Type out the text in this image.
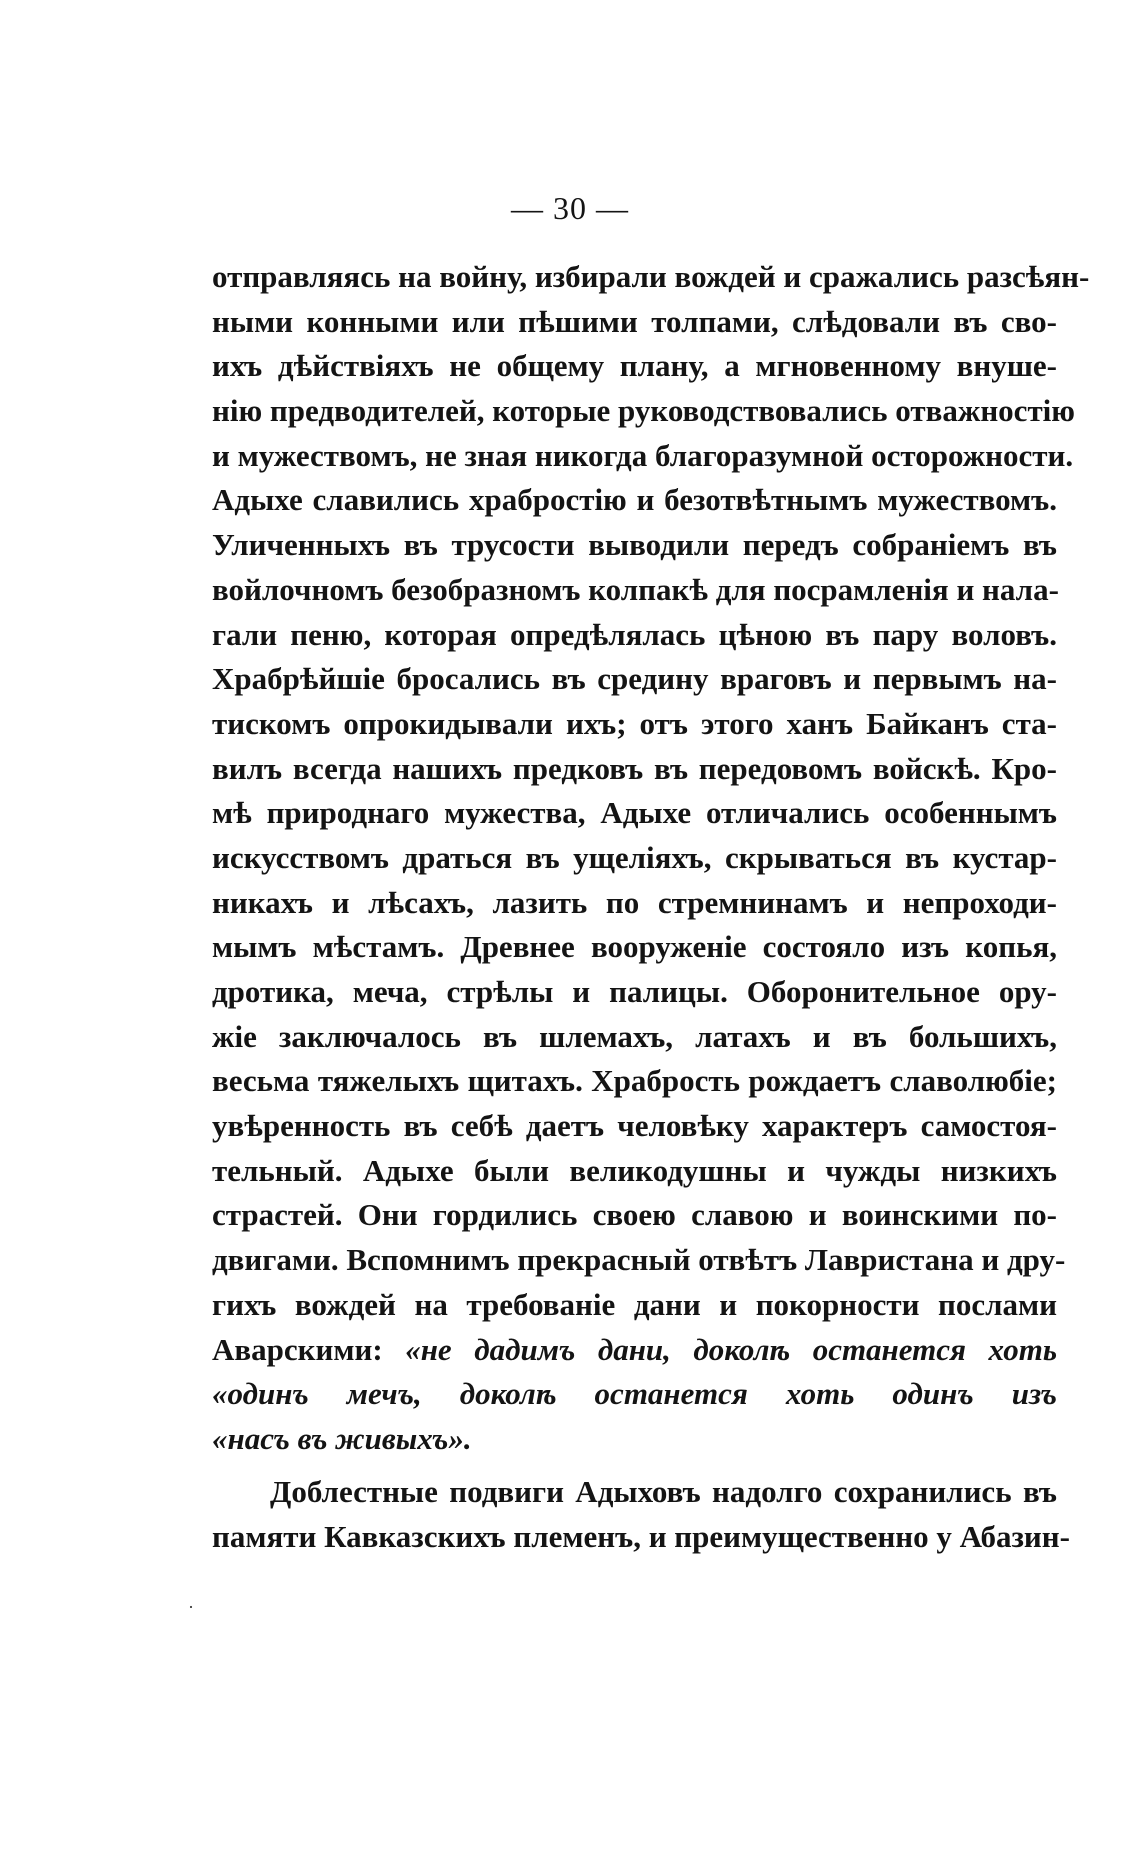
— 30 —
отправляясь на войну, избирали вождей и сражались разсѣян-
ными конными или пѣшими толпами, слѣдовали въ сво-
ихъ дѣйствіяхъ не общему плану, а мгновенному внуше-
нію предводителей, которые руководствовались отважностію
и мужествомъ, не зная никогда благоразумной осторожности.
Адыхе славились храбростію и безотвѣтнымъ мужествомъ.
Уличенныхъ въ трусости выводили передъ собраніемъ въ
войлочномъ безобразномъ колпакѣ для посрамленія и нала-
гали пеню, которая опредѣлялась цѣною въ пару воловъ.
Храбрѣйшіе бросались въ средину враговъ и первымъ на-
тискомъ опрокидывали ихъ; отъ этого ханъ Байканъ ста-
вилъ всегда нашихъ предковъ въ передовомъ войскѣ. Кро-
мѣ природнаго мужества, Адыхе отличались особеннымъ
искусствомъ драться въ ущеліяхъ, скрываться въ кустар-
никахъ и лѣсахъ, лазить по стремнинамъ и непроходи-
мымъ мѣстамъ. Древнее вооруженіе состояло изъ копья,
дротика, меча, стрѣлы и палицы. Оборонительное ору-
жіе заключалось въ шлемахъ, латахъ и въ большихъ,
весьма тяжелыхъ щитахъ. Храбрость рождаетъ славолюбіе;
увѣренность въ себѣ даетъ человѣку характеръ самостоя-
тельный. Адыхе были великодушны и чужды низкихъ
страстей. Они гордились своею славою и воинскими по-
двигами. Вспомнимъ прекрасный отвѣтъ Лавристана и дру-
гихъ вождей на требованіе дани и покорности послами
Аварскими: «не дадимъ дани, доколѣ останется хоть
«одинъ мечъ, доколѣ останется хоть одинъ изъ
«насъ въ живыхъ».
Доблестные подвиги Адыховъ надолго сохранились въ
памяти Кавказскихъ племенъ, и преимущественно у Абазин-
·
